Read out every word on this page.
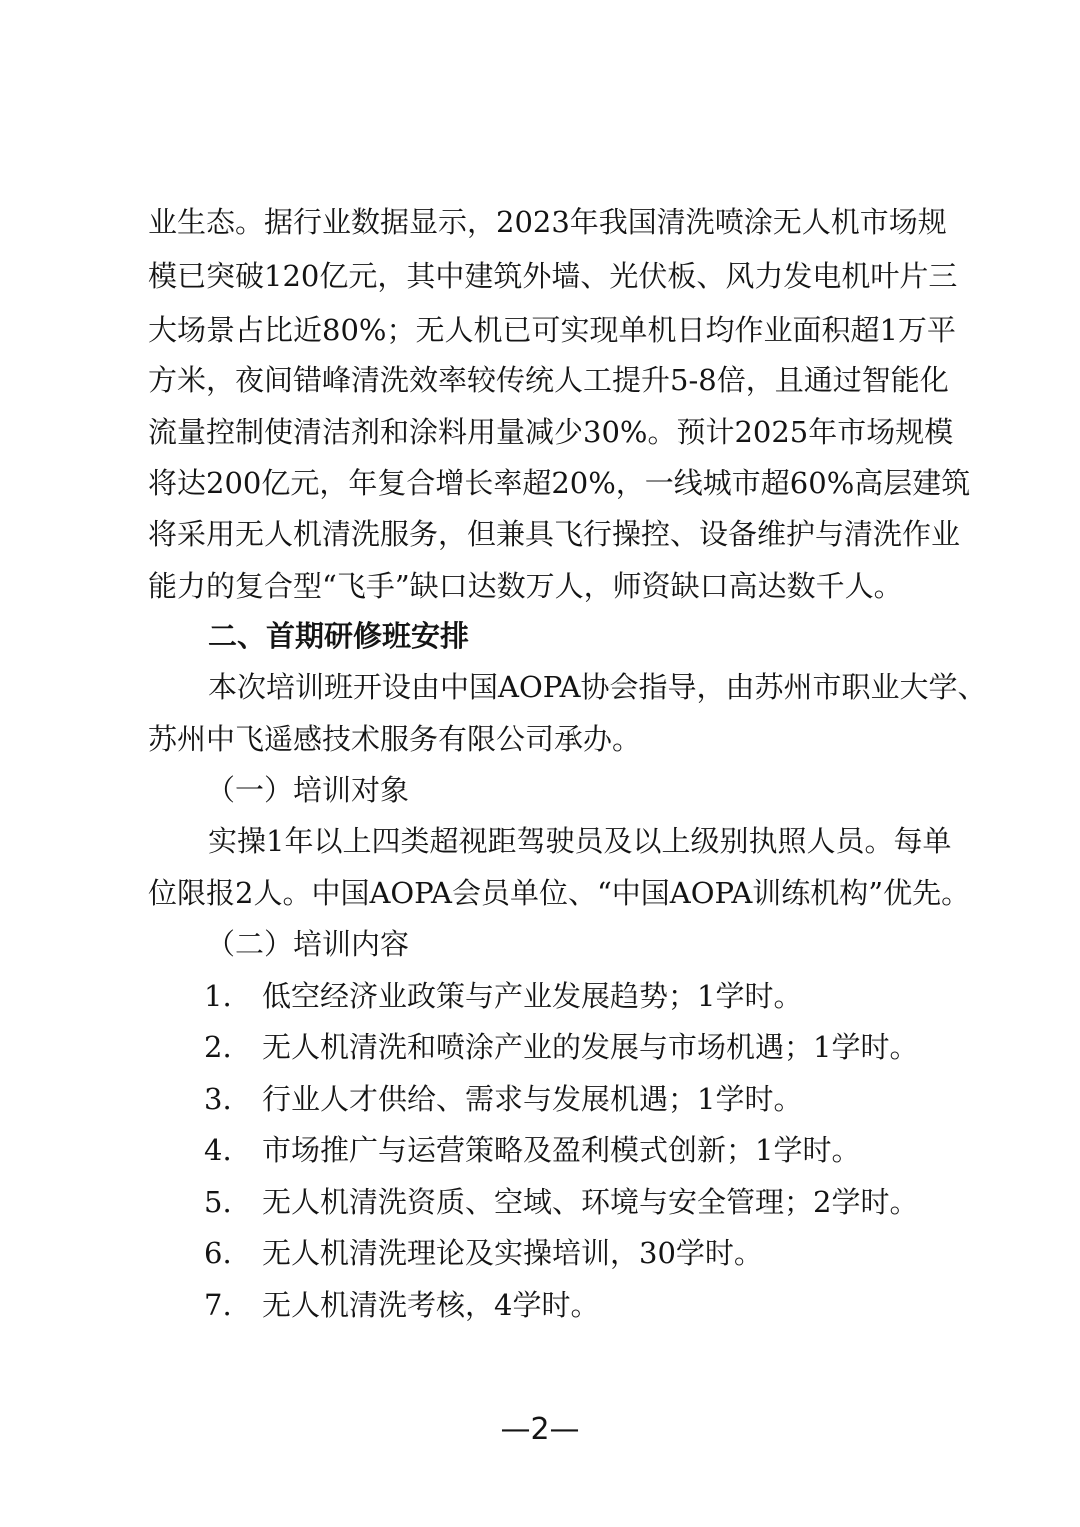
业生态。据行业数据显示，2023年我国清洗喷涂无人机市场规
模已突破120亿元，其中建筑外墙、光伏板、风力发电机叶片三
大场景占比近80%；无人机已可实现单机日均作业面积超1万平
方米，夜间错峰清洗效率较传统人工提升5-8倍，且通过智能化
流量控制使清洁剂和涂料用量减少30%。预计2025年市场规模
将达200亿元，年复合增长率超20%，一线城市超60%高层建筑
将采用无人机清洗服务，但兼具飞行操控、设备维护与清洗作业
能力的复合型“飞手”缺口达数万人，师资缺口高达数千人。
二、首期研修班安排
本次培训班开设由中国AOPA协会指导，由苏州市职业大学、
苏州中飞遥感技术服务有限公司承办。
（一）培训对象
实操1年以上四类超视距驾驶员及以上级别执照人员。每单
位限报2人。中国AOPA会员单位、“中国AOPA训练机构”优先。
（二）培训内容
1. 低空经济业政策与产业发展趋势；1学时。
2. 无人机清洗和喷涂产业的发展与市场机遇；1学时。
3. 行业人才供给、需求与发展机遇；1学时。
4. 市场推广与运营策略及盈利模式创新；1学时。
5. 无人机清洗资质、空域、环境与安全管理；2学时。
6. 无人机清洗理论及实操培训，30学时。
7. 无人机清洗考核，4学时。
—2—
